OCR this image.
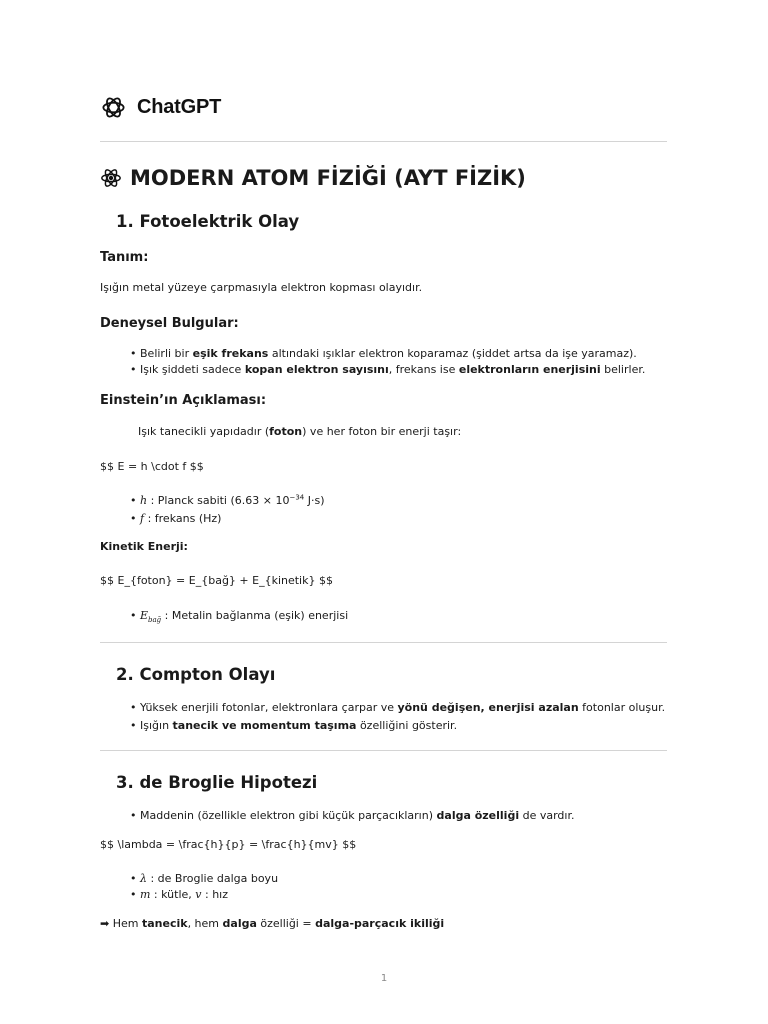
ChatGPT
MODERN ATOM FİZİĞİ (AYT FİZİK)
1. Fotoelektrik Olay
Tanım:
Işığın metal yüzeye çarpmasıyla elektron kopması olayıdır.
Deneysel Bulgular:
• Belirli bir eşik frekans altındaki ışıklar elektron koparamaz (şiddet artsa da işe yaramaz).
• Işık şiddeti sadece kopan elektron sayısını, frekans ise elektronların enerjisini belirler.
Einstein’ın Açıklaması:
Işık tanecikli yapıdadır (foton) ve her foton bir enerji taşır:
$$ E = h \cdot f $$
• h : Planck sabiti ($6.63 \times 10^{-34}$ J·s)
• f : frekans (Hz)
Kinetik Enerji:
$$ E_{foton} = E_{bağ} + E_{kinetik} $$
• $E_{bağ}$ : Metalin bağlanma (eşik) enerjisi
2. Compton Olayı
• Yüksek enerjili fotonlar, elektronlara çarpar ve yönü değişen, enerjisi azalan fotonlar oluşur.
• Işığın tanecik ve momentum taşıma özelliğini gösterir.
3. de Broglie Hipotezi
• Maddenin (özellikle elektron gibi küçük parçacıkların) dalga özelliği de vardır.
$$ \lambda = \frac{h}{p} = \frac{h}{mv} $$
• λ : de Broglie dalga boyu
• m : kütle, v : hız
➡ Hem tanecik, hem dalga özelliği = dalga-parçacık ikiliği
1
